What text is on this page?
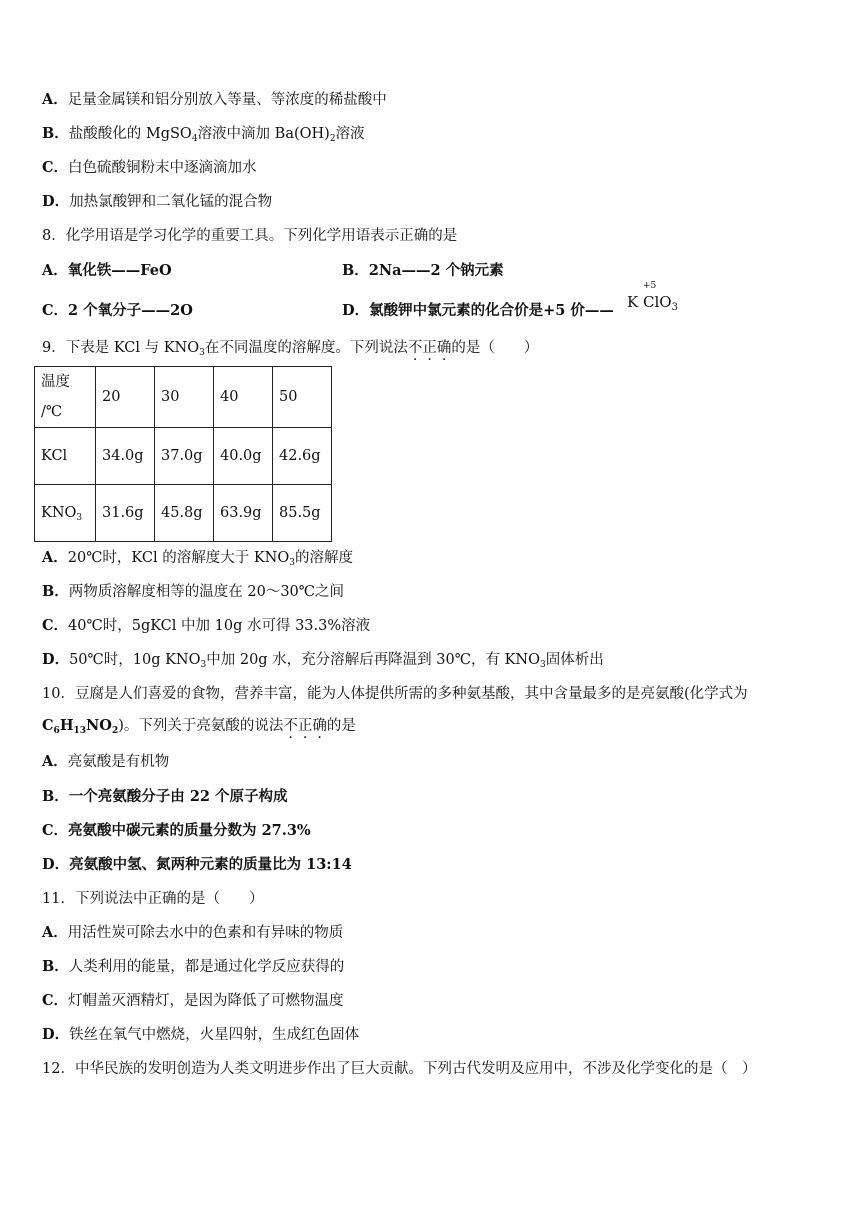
A．足量金属镁和铝分别放入等量、等浓度的稀盐酸中
B．盐酸酸化的 MgSO$_4$溶液中滴加 $Ba(OH)_2$溶液
C．白色硫酸铜粉末中逐滴滴加水
D．加热氯酸钾和二氧化锰的混合物
8．化学用语是学习化学的重要工具。下列化学用语表示正确的是
A．氧化铁——FeO	B．2Na——2 个钠元素
C．2 个氧分子——2O	D．氯酸钾中氯元素的化合价是+5 价—— K
+5
ClO$_3$
9．下表是 KCl 与 $KNO_3$在不同温度的溶解度。下列说法不正确的是（　　）
温度
/℃	20	30	40	50
KCl	34.0g	37.0g	40.0g	42.6g
$KNO_3$	31.6g	45.8g	63.9g	85.5g
A．20℃时，KCl 的溶解度大于 $KNO_3$的溶解度
B．两物质溶解度相等的温度在 20～30℃之间
C．40℃时，5gKCl 中加 10g 水可得 33.3%溶液
D．50℃时，10g $KNO_3$中加 20g 水，充分溶解后再降温到 30℃，有 $KNO_3$固体析出
10．豆腐是人们喜爱的食物，营养丰富，能为人体提供所需的多种氨基酸，其中含量最多的是亮氨酸(化学式为
$C_6H_{13}NO_2$)。下列关于亮氨酸的说法不正确的是
A．亮氨酸是有机物
B．一个亮氨酸分子由 22 个原子构成
C．亮氨酸中碳元素的质量分数为 27.3%
D．亮氨酸中氢、氮两种元素的质量比为 13:14
11．下列说法中正确的是（　　）
A．用活性炭可除去水中的色素和有异味的物质
B．人类利用的能量，都是通过化学反应获得的
C．灯帽盖灭酒精灯，是因为降低了可燃物温度
D．铁丝在氧气中燃烧，火星四射，生成红色固体
12．中华民族的发明创造为人类文明进步作出了巨大贡献。下列古代发明及应用中，不涉及化学变化的是（　）
